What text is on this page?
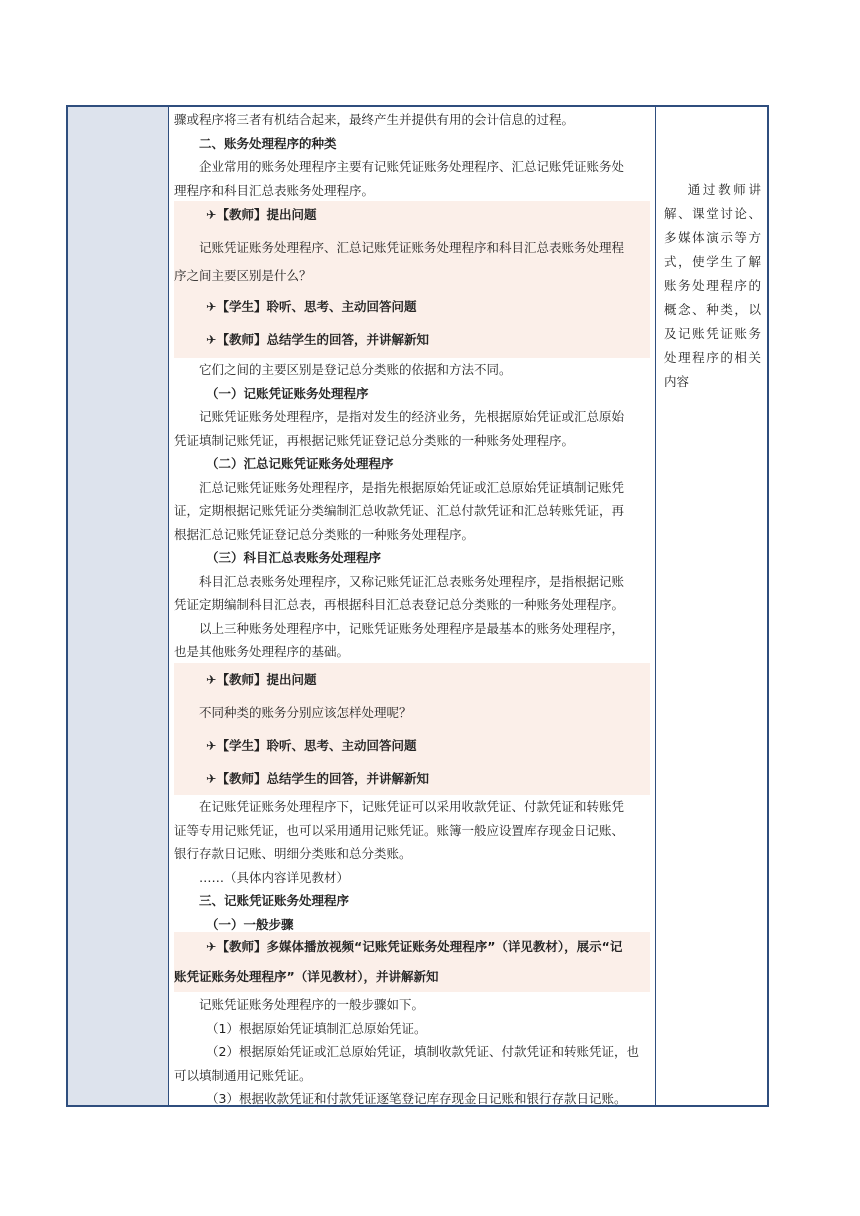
骤或程序将三者有机结合起来，最终产生并提供有用的会计信息的过程。
二、账务处理程序的种类
企业常用的账务处理程序主要有记账凭证账务处理程序、汇总记账凭证账务处
理程序和科目汇总表账务处理程序。
✈【教师】提出问题
记账凭证账务处理程序、汇总记账凭证账务处理程序和科目汇总表账务处理程
序之间主要区别是什么？
✈【学生】聆听、思考、主动回答问题
✈【教师】总结学生的回答，并讲解新知
它们之间的主要区别是登记总分类账的依据和方法不同。
（一）记账凭证账务处理程序
记账凭证账务处理程序，是指对发生的经济业务，先根据原始凭证或汇总原始
凭证填制记账凭证，再根据记账凭证登记总分类账的一种账务处理程序。
（二）汇总记账凭证账务处理程序
汇总记账凭证账务处理程序，是指先根据原始凭证或汇总原始凭证填制记账凭
证，定期根据记账凭证分类编制汇总收款凭证、汇总付款凭证和汇总转账凭证，再
根据汇总记账凭证登记总分类账的一种账务处理程序。
（三）科目汇总表账务处理程序
科目汇总表账务处理程序，又称记账凭证汇总表账务处理程序，是指根据记账
凭证定期编制科目汇总表，再根据科目汇总表登记总分类账的一种账务处理程序。
以上三种账务处理程序中，记账凭证账务处理程序是最基本的账务处理程序，
也是其他账务处理程序的基础。
✈【教师】提出问题
不同种类的账务分别应该怎样处理呢？
✈【学生】聆听、思考、主动回答问题
✈【教师】总结学生的回答，并讲解新知
在记账凭证账务处理程序下，记账凭证可以采用收款凭证、付款凭证和转账凭
证等专用记账凭证，也可以采用通用记账凭证。账簿一般应设置库存现金日记账、
银行存款日记账、明细分类账和总分类账。
……（具体内容详见教材）
三、记账凭证账务处理程序
（一）一般步骤
✈【教师】多媒体播放视频“记账凭证账务处理程序”（详见教材），展示“记
账凭证账务处理程序”（详见教材），并讲解新知
记账凭证账务处理程序的一般步骤如下。
（1）根据原始凭证填制汇总原始凭证。
（2）根据原始凭证或汇总原始凭证，填制收款凭证、付款凭证和转账凭证，也
可以填制通用记账凭证。
（3）根据收款凭证和付款凭证逐笔登记库存现金日记账和银行存款日记账。
通过教师讲解、课堂讨论、多媒体演示等方式，使学生了解账务处理程序的概念、种类，以及记账凭证账务处理程序的相关内容
